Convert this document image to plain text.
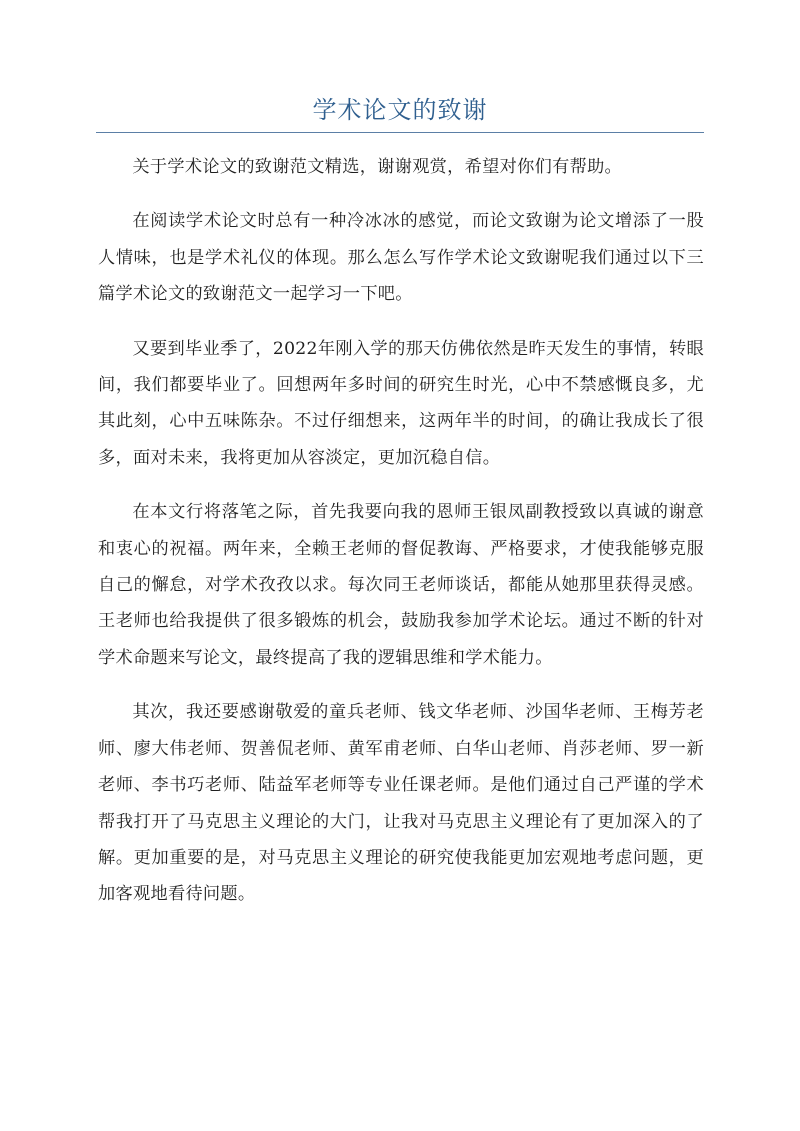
学术论文的致谢

关于学术论文的致谢范文精选，谢谢观赏，希望对你们有帮助。

在阅读学术论文时总有一种冷冰冰的感觉，而论文致谢为论文增添了一股人情味，也是学术礼仪的体现。那么怎么写作学术论文致谢呢我们通过以下三篇学术论文的致谢范文一起学习一下吧。

又要到毕业季了，2022年刚入学的那天仿佛依然是昨天发生的事情，转眼间，我们都要毕业了。回想两年多时间的研究生时光，心中不禁感慨良多，尤其此刻，心中五味陈杂。不过仔细想来，这两年半的时间，的确让我成长了很多，面对未来，我将更加从容淡定，更加沉稳自信。

在本文行将落笔之际，首先我要向我的恩师王银凤副教授致以真诚的谢意和衷心的祝福。两年来，全赖王老师的督促教诲、严格要求，才使我能够克服自己的懈怠，对学术孜孜以求。每次同王老师谈话，都能从她那里获得灵感。王老师也给我提供了很多锻炼的机会，鼓励我参加学术论坛。通过不断的针对学术命题来写论文，最终提高了我的逻辑思维和学术能力。

其次，我还要感谢敬爱的童兵老师、钱文华老师、沙国华老师、王梅芳老师、廖大伟老师、贺善侃老师、黄军甫老师、白华山老师、肖莎老师、罗一新老师、李书巧老师、陆益军老师等专业任课老师。是他们通过自己严谨的学术帮我打开了马克思主义理论的大门，让我对马克思主义理论有了更加深入的了解。更加重要的是，对马克思主义理论的研究使我能更加宏观地考虑问题，更加客观地看待问题。
